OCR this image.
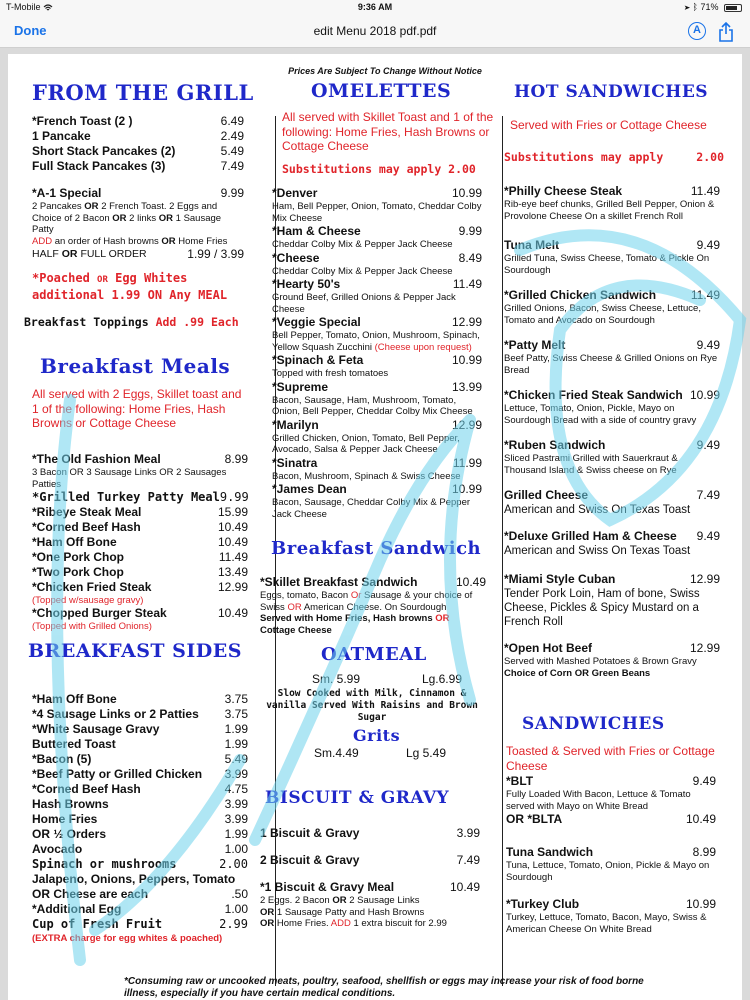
T-Mobile	9:36 AM	➤ ᛒ 71%
Done	edit Menu 2018 pdf.pdf	A
Prices Are Subject To Change Without Notice
FROM THE GRILL
*French Toast (2 )	6.49
1 Pancake	2.49
Short Stack Pancakes (2)	5.49
Full Stack Pancakes (3)	7.49
*A-1 Special	9.99
2 Pancakes OR 2 French Toast. 2 Eggs and Choice of 2 Bacon OR 2 links OR 1 Sausage Patty
ADD an order of Hash browns OR Home Fries
HALF OR FULL ORDER	1.99 / 3.99
*Poached OR Egg Whites
additional 1.99 ON Any MEAL
Breakfast Toppings Add .99 Each
Breakfast Meals
All served with 2 Eggs, Skillet toast and 1 of the following: Home Fries, Hash Browns or Cottage Cheese
*The Old Fashion Meal	8.99
3 Bacon OR 3 Sausage Links OR 2 Sausages Patties
*Grilled Turkey Patty Meal 9.99
*Ribeye Steak Meal	15.99
*Corned Beef Hash	10.49
*Ham Off Bone	10.49
*One Pork Chop	11.49
*Two Pork Chop	13.49
*Chicken Fried Steak	12.99
(Topped w/sausage gravy)
*Chopped Burger Steak	10.49
(Topped with Grilled Onions)
BREAKFAST SIDES
*Ham Off Bone	3.75
*4 Sausage Links or 2 Patties 3.75
*White Sausage Gravy	1.99
Buttered Toast	1.99
*Bacon (5)	5.49
*Beef Patty or Grilled Chicken 3.99
*Corned Beef Hash	4.75
Hash Browns	3.99
Home Fries	3.99
OR ½ Orders	1.99
Avocado	1.00
Spinach or mushrooms	2.00
Jalapeno, Onions, Peppers, Tomato
OR Cheese are each	.50
*Additional Egg	1.00
Cup of Fresh Fruit	2.99
(EXTRA charge for egg whites & poached)
OMELETTES
All served with Skillet Toast and 1 of the following: Home Fries, Hash Browns or Cottage Cheese
Substitutions may apply 2.00
*Denver	10.99
Ham, Bell Pepper, Onion, Tomato, Cheddar Colby Mix Cheese
*Ham & Cheese	9.99
Cheddar Colby Mix & Pepper Jack Cheese
*Cheese	8.49
Cheddar Colby Mix & Pepper Jack Cheese
*Hearty 50's	11.49
Ground Beef, Grilled Onions & Pepper Jack Cheese
*Veggie Special	12.99
Bell Pepper, Tomato, Onion, Mushroom, Spinach, Yellow Squash Zucchini (Cheese upon request)
*Spinach & Feta	10.99
Topped with fresh tomatoes
*Supreme	13.99
Bacon, Sausage, Ham, Mushroom, Tomato, Onion, Bell Pepper, Cheddar Colby Mix Cheese
*Marilyn	12.99
Grilled Chicken, Onion, Tomato, Bell Pepper, Avocado, Salsa & Pepper Jack Cheese
*Sinatra	11.99
Bacon, Mushroom, Spinach & Swiss Cheese
*James Dean	10.99
Bacon, Sausage, Cheddar Colby Mix & Pepper Jack Cheese
Breakfast Sandwich
*Skillet Breakfast Sandwich	10.49
Eggs, tomato, Bacon Or Sausage & your choice of Swiss OR American Cheese. On Sourdough
Served with Home Fries, Hash browns OR Cottage Cheese
OATMEAL
Sm. 5.99	Lg.6.99
Slow Cooked with Milk, Cinnamon & vanilla Served With Raisins and Brown Sugar
Grits
Sm.4.49	Lg 5.49
BISCUIT & GRAVY
1 Biscuit & Gravy	3.99
2 Biscuit & Gravy	7.49
*1 Biscuit & Gravy Meal	10.49
2 Eggs. 2 Bacon OR 2 Sausage Links
OR 1 Sausage Patty and Hash Browns
OR Home Fries. ADD 1 extra biscuit for 2.99
HOT SANDWICHES
Served with Fries or Cottage Cheese
Substitutions may apply	2.00
*Philly Cheese Steak	11.49
Rib-eye beef chunks, Grilled Bell Pepper, Onion & Provolone Cheese On a skillet French Roll
Tuna Melt	9.49
Grilled Tuna, Swiss Cheese, Tomato & Pickle On Sourdough
*Grilled Chicken Sandwich	11.49
Grilled Onions, Bacon, Swiss Cheese, Lettuce, Tomato and Avocado on Sourdough
*Patty Melt	9.49
Beef Patty, Swiss Cheese & Grilled Onions on Rye Bread
*Chicken Fried Steak Sandwich 10.99
Lettuce, Tomato, Onion, Pickle, Mayo on Sourdough Bread with a side of country gravy
*Ruben Sandwich	9.49
Sliced Pastrami Grilled with Sauerkraut & Thousand Island & Swiss cheese on Rye
Grilled Cheese	7.49
American and Swiss On Texas Toast
*Deluxe Grilled Ham & Cheese 9.49
American and Swiss On Texas Toast
*Miami Style Cuban	12.99
Tender Pork Loin, Ham of bone, Swiss Cheese, Pickles & Spicy Mustard on a French Roll
*Open Hot Beef	12.99
Served with Mashed Potatoes & Brown Gravy
Choice of Corn OR Green Beans
SANDWICHES
Toasted & Served with Fries or Cottage Cheese
*BLT	9.49
Fully Loaded With Bacon, Lettuce & Tomato served with Mayo on White Bread
OR *BLTA	10.49
Tuna Sandwich	8.99
Tuna, Lettuce, Tomato, Onion, Pickle & Mayo on Sourdough
*Turkey Club	10.99
Turkey, Lettuce, Tomato, Bacon, Mayo, Swiss & American Cheese On White Bread
*Consuming raw or uncooked meats, poultry, seafood, shellfish or eggs may increase your risk of food borne illness, especially if you have certain medical conditions.
